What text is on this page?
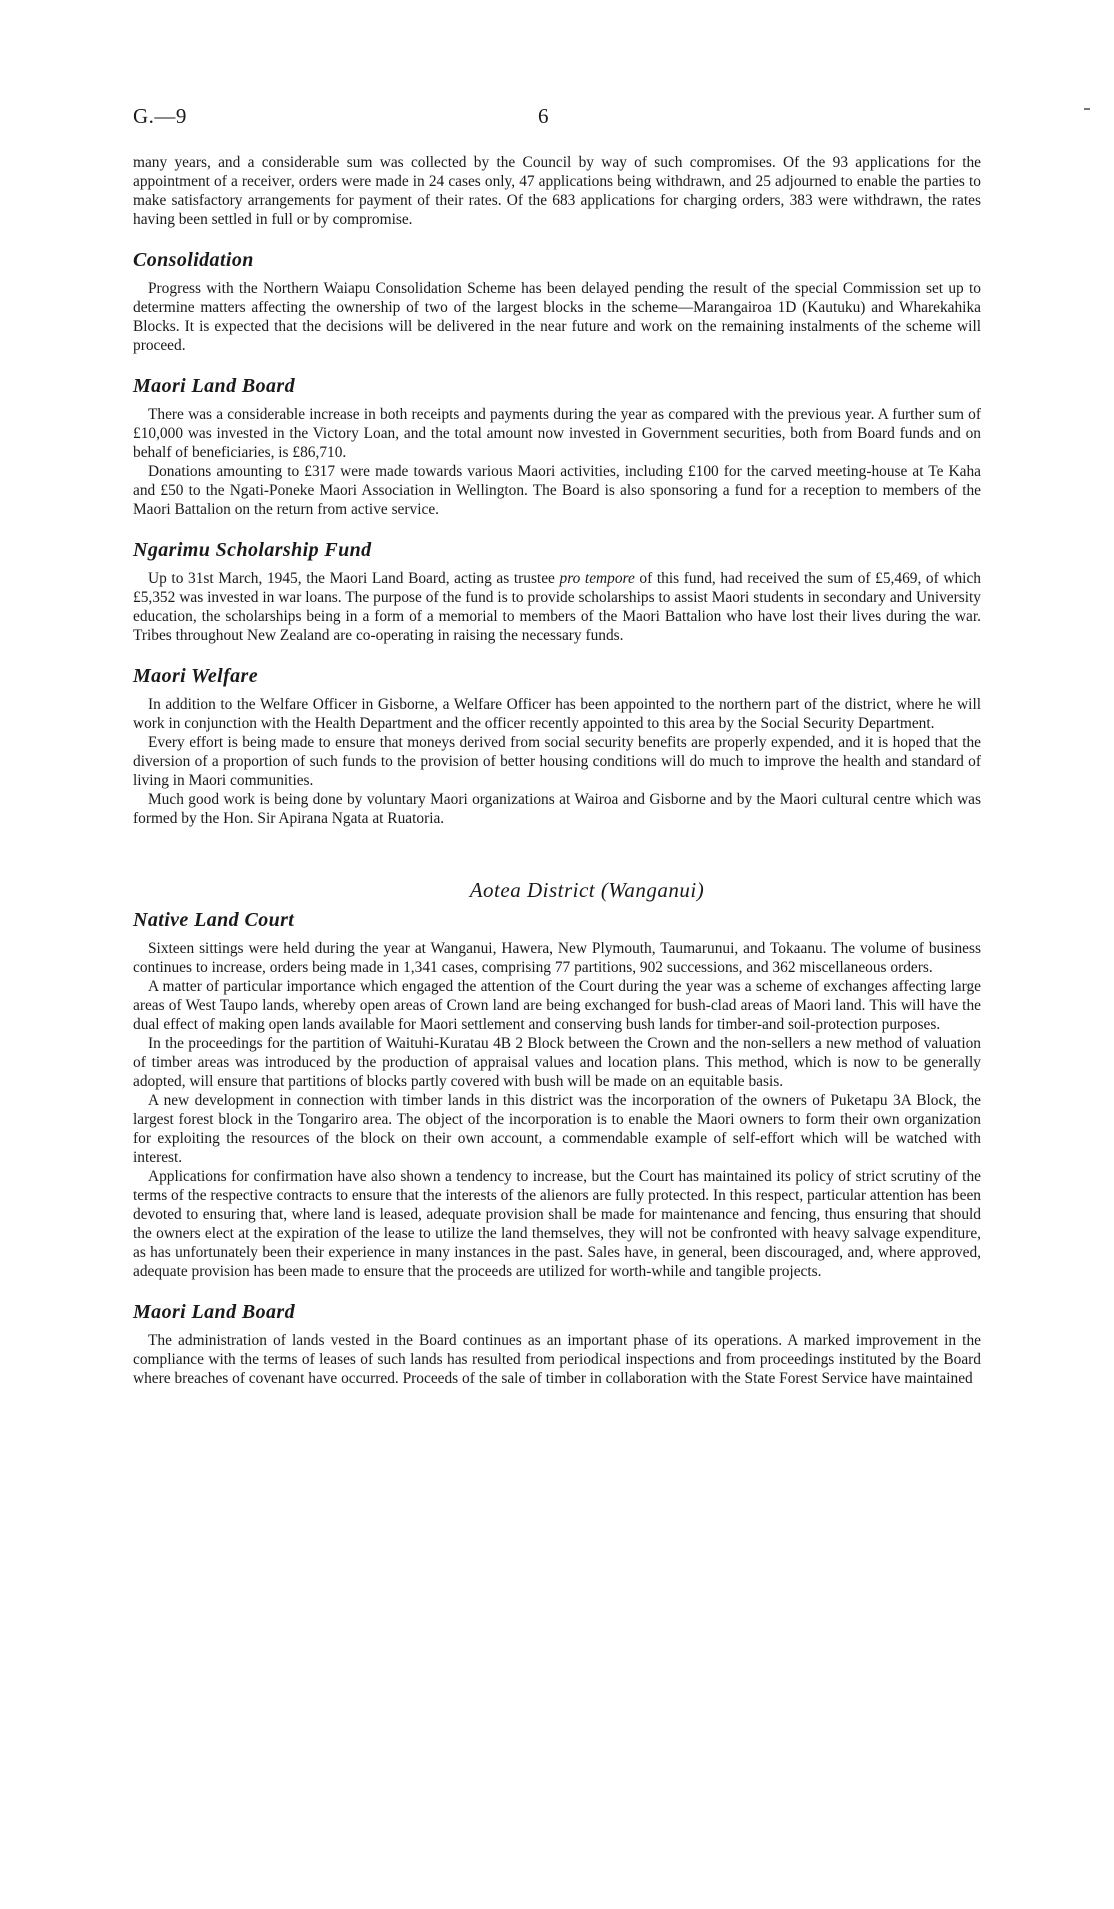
G.—9	6

many years, and a considerable sum was collected by the Council by way of such compromises. Of the 93 applications for the appointment of a receiver, orders were made in 24 cases only, 47 applications being withdrawn, and 25 adjourned to enable the parties to make satisfactory arrangements for payment of their rates. Of the 683 applications for charging orders, 383 were withdrawn, the rates having been settled in full or by compromise.

Consolidation

Progress with the Northern Waiapu Consolidation Scheme has been delayed pending the result of the special Commission set up to determine matters affecting the ownership of two of the largest blocks in the scheme—Marangairoa 1D (Kautuku) and Wharekahika Blocks. It is expected that the decisions will be delivered in the near future and work on the remaining instalments of the scheme will proceed.

Maori Land Board

There was a considerable increase in both receipts and payments during the year as compared with the previous year. A further sum of £10,000 was invested in the Victory Loan, and the total amount now invested in Government securities, both from Board funds and on behalf of beneficiaries, is £86,710.

Donations amounting to £317 were made towards various Maori activities, including £100 for the carved meeting-house at Te Kaha and £50 to the Ngati-Poneke Maori Association in Wellington. The Board is also sponsoring a fund for a reception to members of the Maori Battalion on the return from active service.

Ngarimu Scholarship Fund

Up to 31st March, 1945, the Maori Land Board, acting as trustee pro tempore of this fund, had received the sum of £5,469, of which £5,352 was invested in war loans. The purpose of the fund is to provide scholarships to assist Maori students in secondary and University education, the scholarships being in a form of a memorial to members of the Maori Battalion who have lost their lives during the war. Tribes throughout New Zealand are co-operating in raising the necessary funds.

Maori Welfare

In addition to the Welfare Officer in Gisborne, a Welfare Officer has been appointed to the northern part of the district, where he will work in conjunction with the Health Department and the officer recently appointed to this area by the Social Security Department.

Every effort is being made to ensure that moneys derived from social security benefits are properly expended, and it is hoped that the diversion of a proportion of such funds to the provision of better housing conditions will do much to improve the health and standard of living in Maori communities.

Much good work is being done by voluntary Maori organizations at Wairoa and Gisborne and by the Maori cultural centre which was formed by the Hon. Sir Apirana Ngata at Ruatoria.

Aotea District (Wanganui)
Native Land Court

Sixteen sittings were held during the year at Wanganui, Hawera, New Plymouth, Taumarunui, and Tokaanu. The volume of business continues to increase, orders being made in 1,341 cases, comprising 77 partitions, 902 successions, and 362 miscellaneous orders.

A matter of particular importance which engaged the attention of the Court during the year was a scheme of exchanges affecting large areas of West Taupo lands, whereby open areas of Crown land are being exchanged for bush-clad areas of Maori land. This will have the dual effect of making open lands available for Maori settlement and conserving bush lands for timber-and soil-protection purposes.

In the proceedings for the partition of Waituhi-Kuratau 4B 2 Block between the Crown and the non-sellers a new method of valuation of timber areas was introduced by the production of appraisal values and location plans. This method, which is now to be generally adopted, will ensure that partitions of blocks partly covered with bush will be made on an equitable basis.

A new development in connection with timber lands in this district was the incorporation of the owners of Puketapu 3A Block, the largest forest block in the Tongariro area. The object of the incorporation is to enable the Maori owners to form their own organization for exploiting the resources of the block on their own account, a commendable example of self-effort which will be watched with interest.

Applications for confirmation have also shown a tendency to increase, but the Court has maintained its policy of strict scrutiny of the terms of the respective contracts to ensure that the interests of the alienors are fully protected. In this respect, particular attention has been devoted to ensuring that, where land is leased, adequate provision shall be made for maintenance and fencing, thus ensuring that should the owners elect at the expiration of the lease to utilize the land themselves, they will not be confronted with heavy salvage expenditure, as has unfortunately been their experience in many instances in the past. Sales have, in general, been discouraged, and, where approved, adequate provision has been made to ensure that the proceeds are utilized for worth-while and tangible projects.

Maori Land Board

The administration of lands vested in the Board continues as an important phase of its operations. A marked improvement in the compliance with the terms of leases of such lands has resulted from periodical inspections and from proceedings instituted by the Board where breaches of covenant have occurred. Proceeds of the sale of timber in collaboration with the State Forest Service have maintained
